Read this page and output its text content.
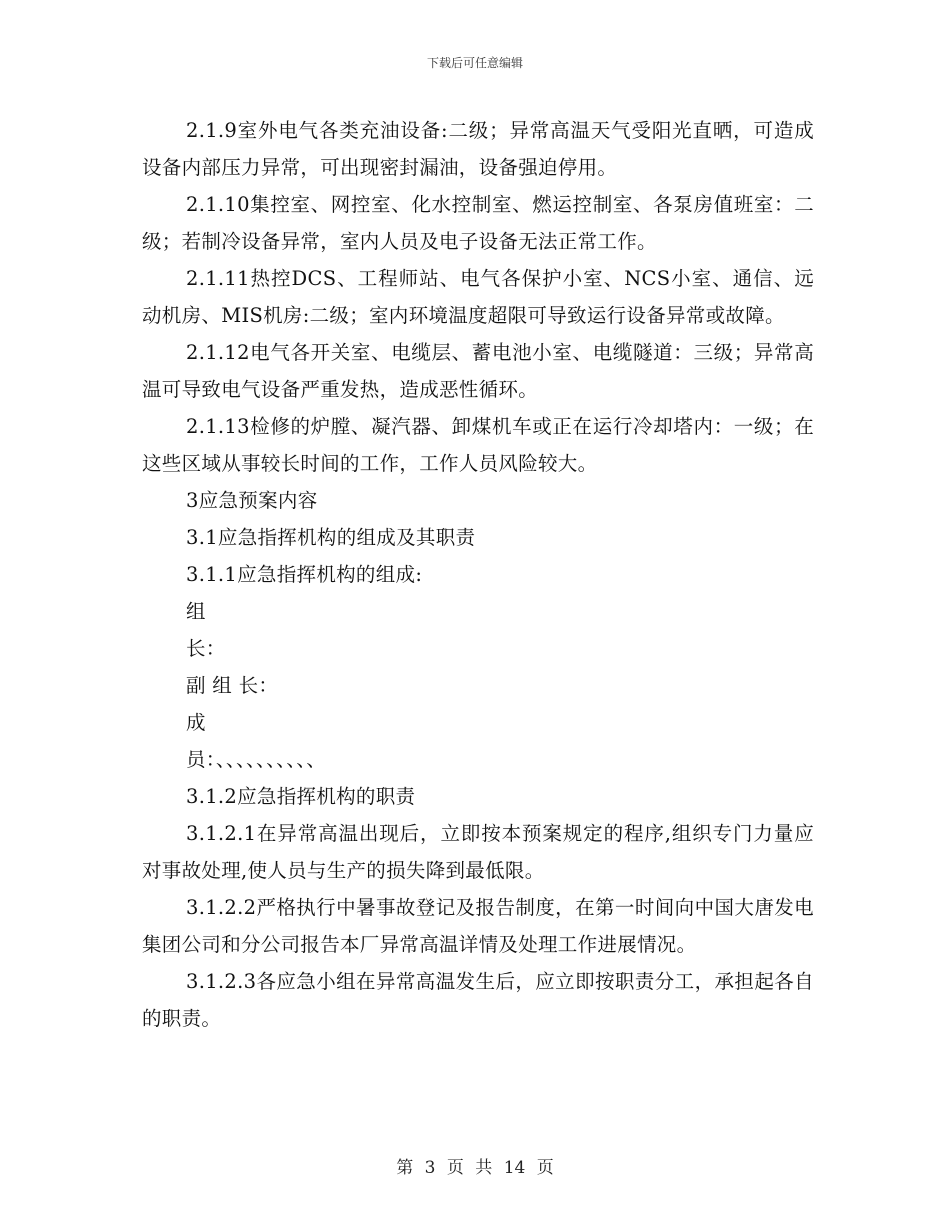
下载后可任意编辑

2.1.9室外电气各类充油设备:二级；异常高温天气受阳光直晒，可造成设备内部压力异常，可出现密封漏油，设备强迫停用。

2.1.10集控室、网控室、化水控制室、燃运控制室、各泵房值班室：二级；若制冷设备异常，室内人员及电子设备无法正常工作。

2.1.11热控DCS、工程师站、电气各保护小室、NCS小室、通信、远动机房、MIS机房:二级；室内环境温度超限可导致运行设备异常或故障。

2.1.12电气各开关室、电缆层、蓄电池小室、电缆隧道：三级；异常高温可导致电气设备严重发热，造成恶性循环。

2.1.13检修的炉膛、凝汽器、卸煤机车或正在运行冷却塔内：一级；在这些区域从事较长时间的工作，工作人员风险较大。

3应急预案内容

3.1应急指挥机构的组成及其职责

3.1.1应急指挥机构的组成:

组

长：

副 组 长：

成

员：、、、、、、、、、、

3.1.2应急指挥机构的职责

3.1.2.1在异常高温出现后，立即按本预案规定的程序,组织专门力量应对事故处理,使人员与生产的损失降到最低限。

3.1.2.2严格执行中暑事故登记及报告制度，在第一时间向中国大唐发电集团公司和分公司报告本厂异常高温详情及处理工作进展情况。

3.1.2.3各应急小组在异常高温发生后，应立即按职责分工，承担起各自的职责。

第 3 页 共 14 页
